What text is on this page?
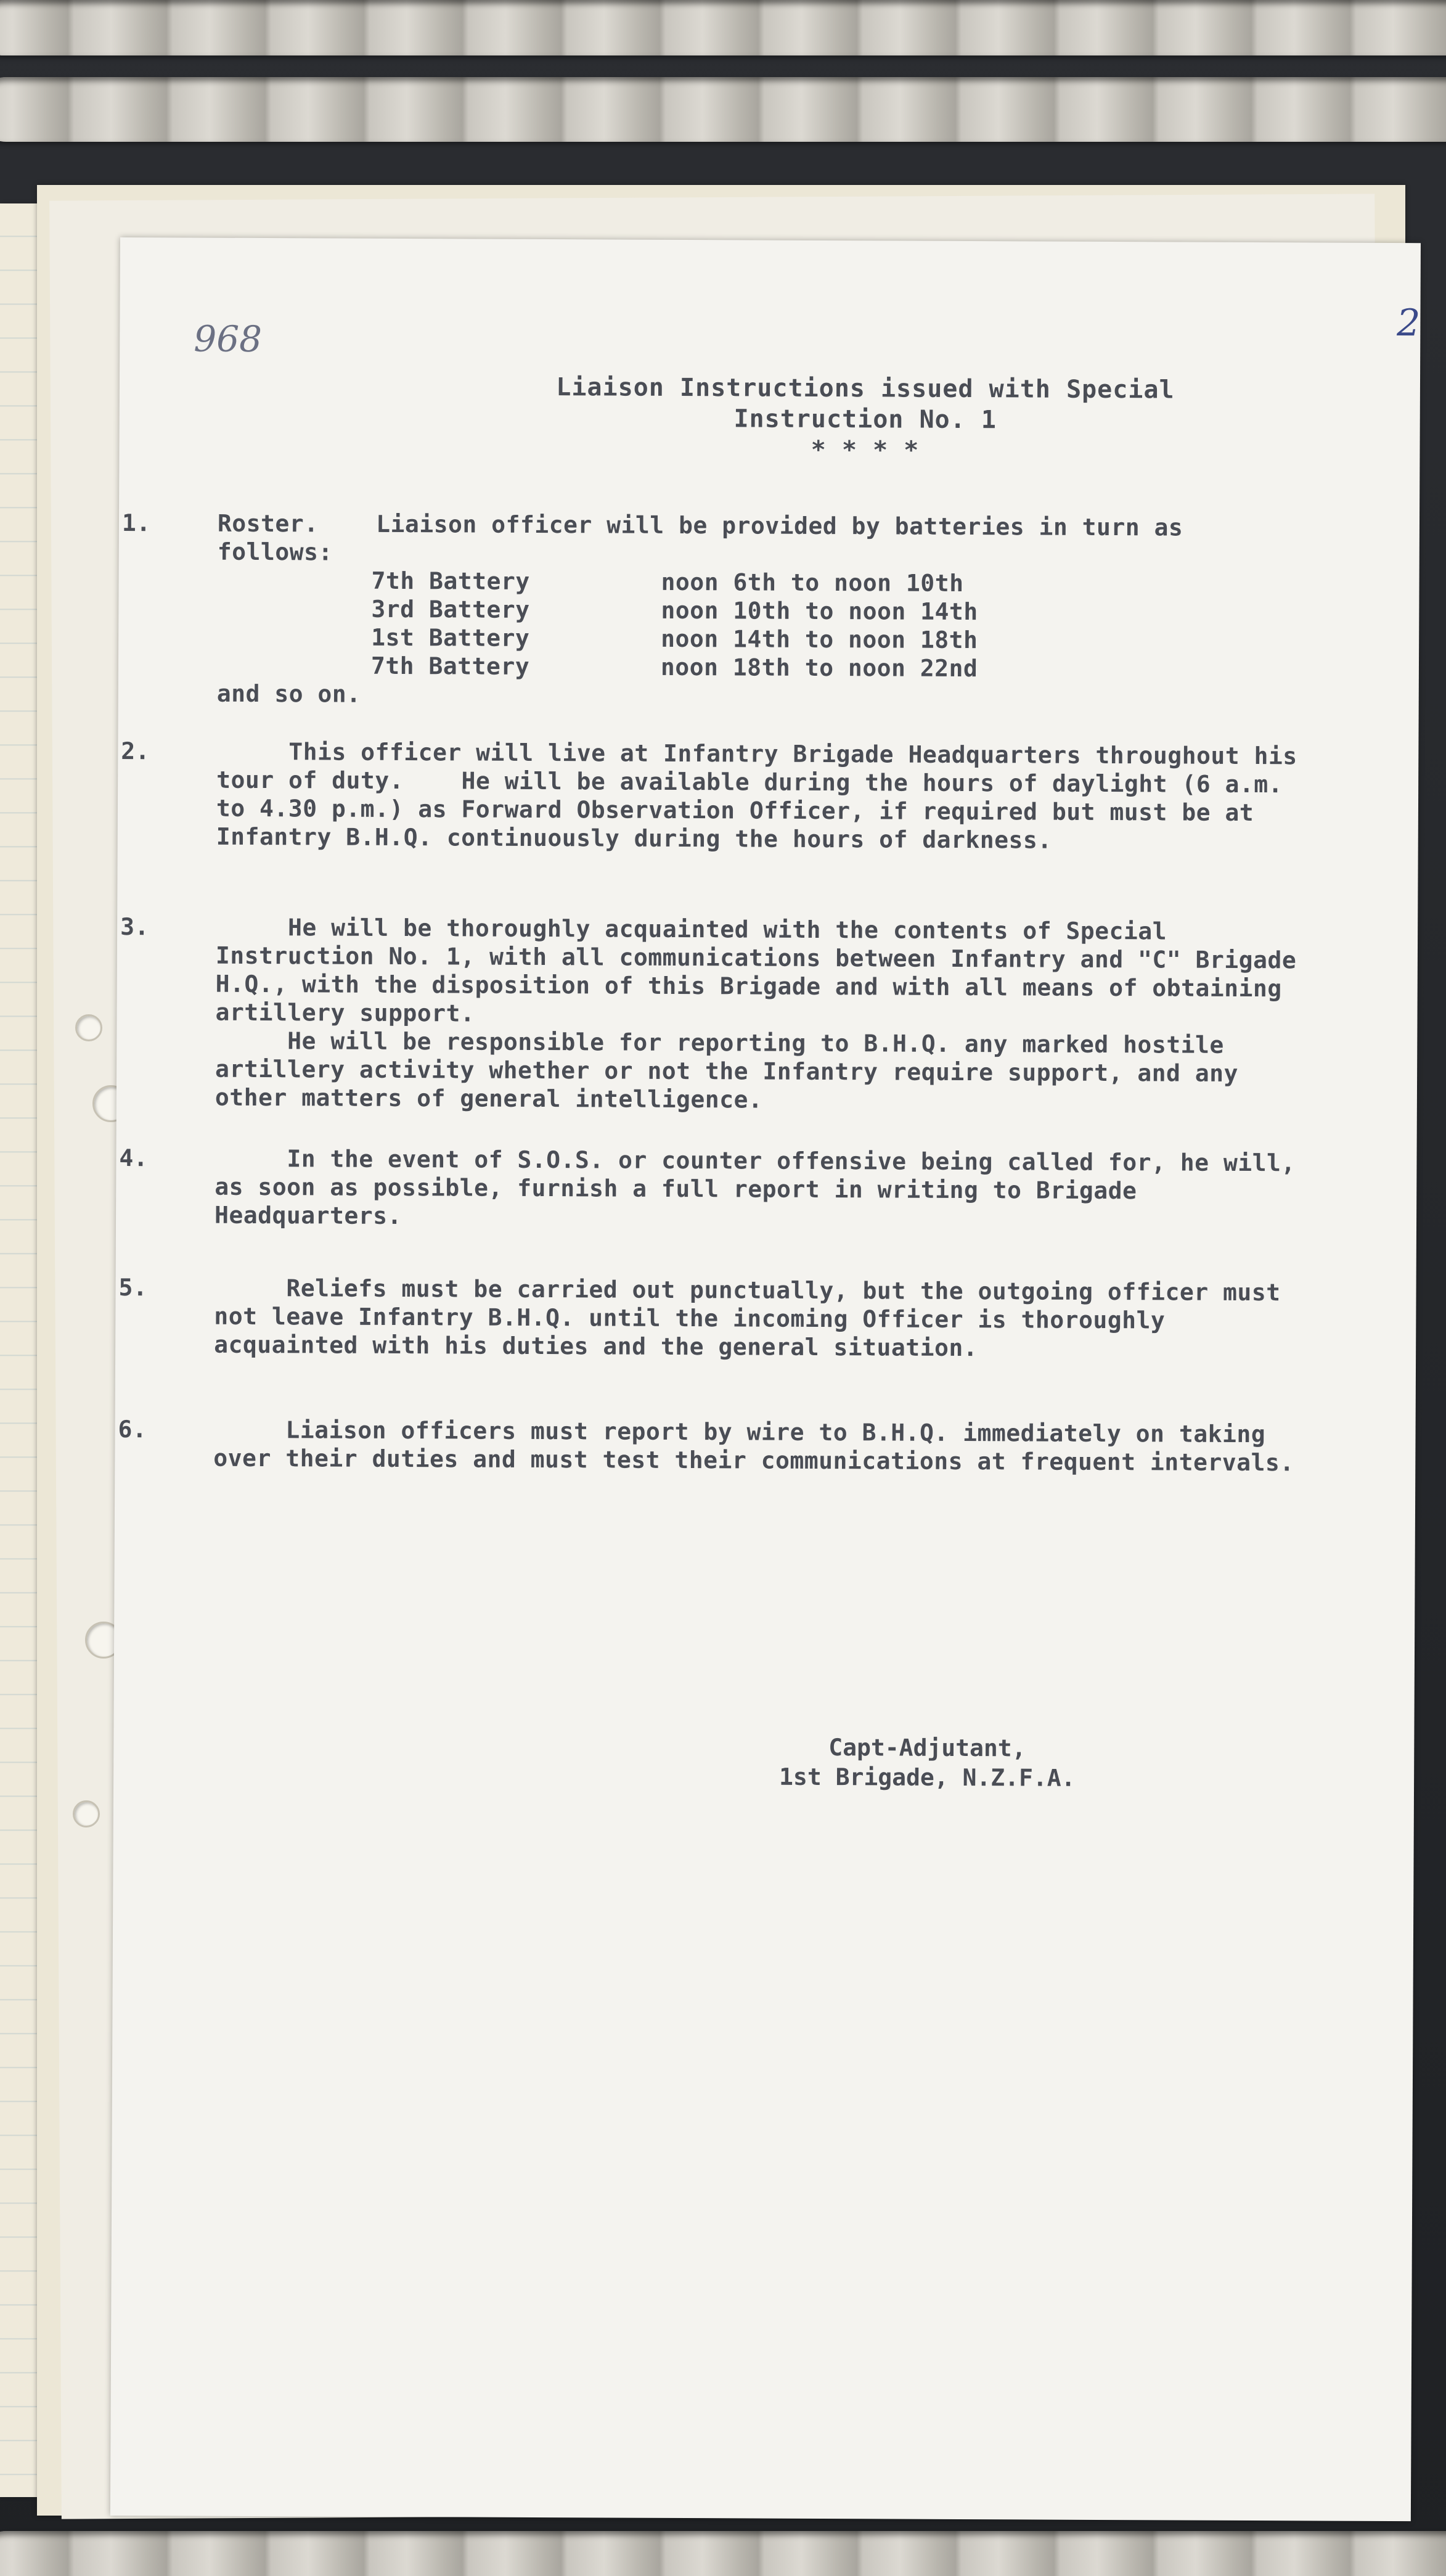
968	2
Liaison Instructions issued with Special
Instruction No. 1
* * * *
1.	Roster.    Liaison officer will be provided by batteries in turn as follows:

7th Battery	noon 6th to noon 10th
3rd Battery	noon 10th to noon 14th
1st Battery	noon 14th to noon 18th
7th Battery	noon 18th to noon 22nd

and so on.

2.	This officer will live at Infantry Brigade Headquarters throughout his tour of duty.    He will be available during the hours of daylight (6 a.m. to 4.30 p.m.) as Forward Observation Officer, if required but must be at Infantry B.H.Q. continuously during the hours of darkness.

3.	He will be thoroughly acquainted with the contents of Special Instruction No. 1, with all communications between Infantry and "C" Brigade H.Q., with the disposition of this Brigade and with all means of obtaining artillery support.
He will be responsible for reporting to B.H.Q. any marked hostile artillery activity whether or not the Infantry require support, and any other matters of general intelligence.

4.	In the event of S.O.S. or counter offensive being called for, he will, as soon as possible, furnish a full report in writing to Brigade Headquarters.

5.	Reliefs must be carried out punctually, but the outgoing officer must not leave Infantry B.H.Q. until the incoming Officer is thoroughly acquainted with his duties and the general situation.

6.	Liaison officers must report by wire to B.H.Q. immediately on taking over their duties and must test their communications at frequent intervals.

Capt-Adjutant,
1st Brigade, N.Z.F.A.
